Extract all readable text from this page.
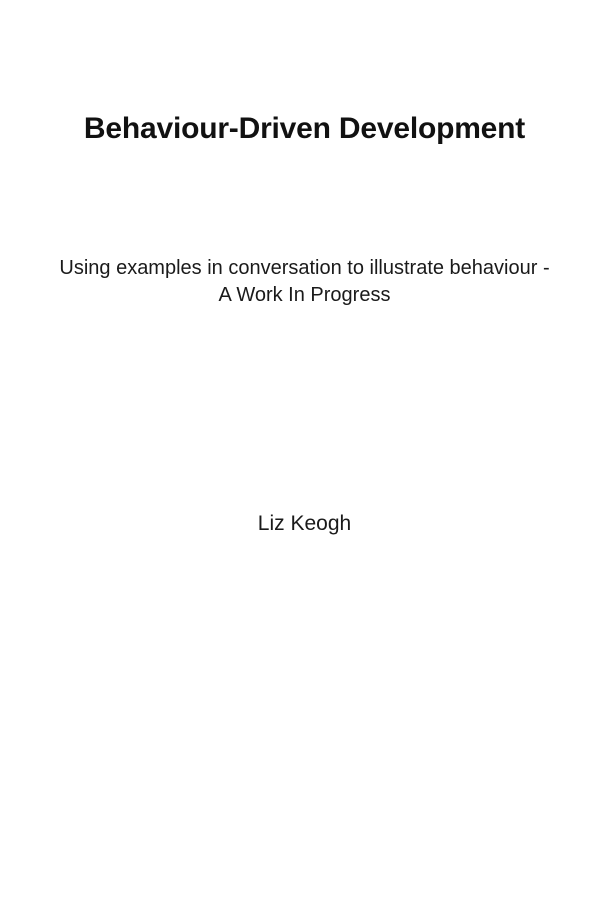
Behaviour-Driven Development

Using examples in conversation to illustrate behaviour - A Work In Progress

Liz Keogh
